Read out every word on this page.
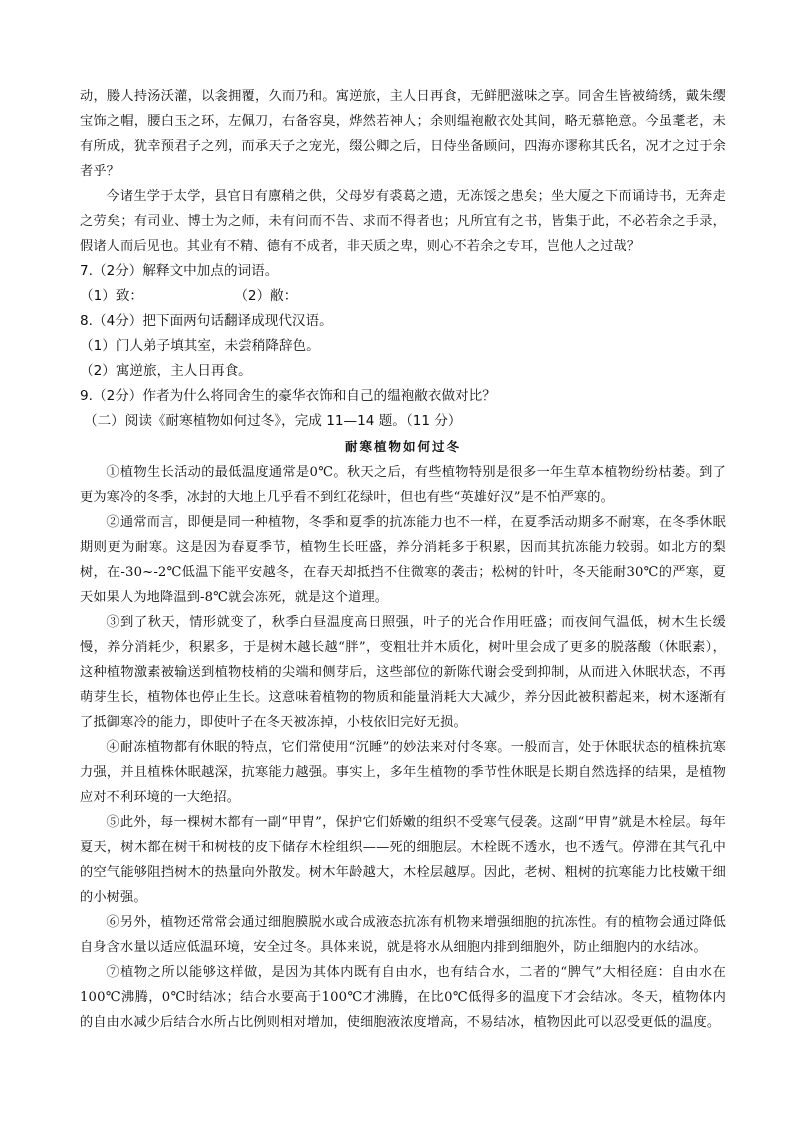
动，媵人持汤沃灌，以衾拥覆，久而乃和。寓逆旅，主人日再食，无鲜肥滋味之享。同舍生皆被绮绣，戴朱缨宝饰之帽，腰白玉之环，左佩刀，右备容臭，烨然若神人；余则缊袍敝衣处其间，略无慕艳意。今虽耄老，未有所成，犹幸预君子之列，而承天子之宠光，缀公卿之后，日侍坐备顾问，四海亦谬称其氏名，况才之过于余者乎？

今诸生学于太学，县官日有廪稍之供，父母岁有裘葛之遗，无冻馁之患矣；坐大厦之下而诵诗书，无奔走之劳矣；有司业、博士为之师，未有问而不告、求而不得者也；凡所宜有之书，皆集于此，不必若余之手录，假诸人而后见也。其业有不精、德有不成者，非天质之卑，则心不若余之专耳，岂他人之过哉？

7.（2分）解释文中加点的词语。

（1）致：	（2）敝：

8.（4分）把下面两句话翻译成现代汉语。

（1）门人弟子填其室，未尝稍降辞色。

（2）寓逆旅，主人日再食。

9.（2分）作者为什么将同舍生的豪华衣饰和自己的缊袍敝衣做对比？

（二）阅读《耐寒植物如何过冬》，完成 11—14 题。（11 分）

耐寒植物如何过冬

①植物生长活动的最低温度通常是0℃。秋天之后，有些植物特别是很多一年生草本植物纷纷枯萎。到了更为寒冷的冬季，冰封的大地上几乎看不到红花绿叶，但也有些“英雄好汉”是不怕严寒的。

②通常而言，即便是同一种植物，冬季和夏季的抗冻能力也不一样，在夏季活动期多不耐寒，在冬季休眠期则更为耐寒。这是因为春夏季节，植物生长旺盛，养分消耗多于积累，因而其抗冻能力较弱。如北方的梨树，在-30~-2℃低温下能平安越冬，在春天却抵挡不住微寒的袭击；松树的针叶，冬天能耐30℃的严寒，夏天如果人为地降温到-8℃就会冻死，就是这个道理。

③到了秋天，情形就变了，秋季白昼温度高日照强，叶子的光合作用旺盛；而夜间气温低，树木生长缓慢，养分消耗少，积累多，于是树木越长越“胖”，变粗壮并木质化，树叶里会成了更多的脱落酸（休眠素），这种植物激素被输送到植物枝梢的尖端和侧芽后，这些部位的新陈代谢会受到抑制，从而进入休眠状态，不再萌芽生长，植物体也停止生长。这意味着植物的物质和能量消耗大大减少，养分因此被积蓄起来，树木逐渐有了抵御寒冷的能力，即使叶子在冬天被冻掉，小枝依旧完好无损。

④耐冻植物都有休眠的特点，它们常使用“沉睡”的妙法来对付冬寒。一般而言，处于休眠状态的植株抗寒力强，并且植株休眠越深，抗寒能力越强。事实上，多年生植物的季节性休眠是长期自然选择的结果，是植物应对不利环境的一大绝招。

⑤此外，每一棵树木都有一副“甲胄”，保护它们娇嫩的组织不受寒气侵袭。这副“甲胄”就是木栓层。每年夏天，树木都在树干和树枝的皮下储存木栓组织——死的细胞层。木栓既不透水，也不透气。停滞在其气孔中的空气能够阻挡树木的热量向外散发。树木年龄越大，木栓层越厚。因此，老树、粗树的抗寒能力比枝嫩干细的小树强。

⑥另外，植物还常常会通过细胞膜脱水或合成液态抗冻有机物来增强细胞的抗冻性。有的植物会通过降低自身含水量以适应低温环境，安全过冬。具体来说，就是将水从细胞内排到细胞外，防止细胞内的水结冰。

⑦植物之所以能够这样做，是因为其体内既有自由水，也有结合水，二者的“脾气”大相径庭：自由水在100℃沸腾，0℃时结冰；结合水要高于100℃才沸腾，在比0℃低得多的温度下才会结冰。冬天，植物体内的自由水减少后结合水所占比例则相对增加，使细胞液浓度增高，不易结冰，植物因此可以忍受更低的温度。
